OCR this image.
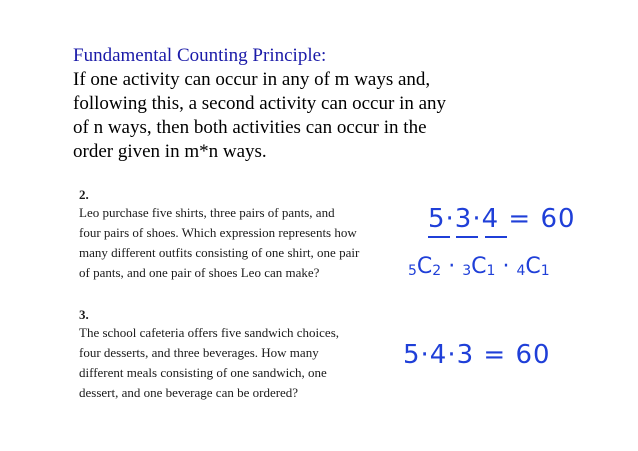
Fundamental Counting Principle:
If one activity can occur in any of m ways and,
following this, a second activity can occur in any
of n ways, then both activities can occur in the
order given in m*n ways.
2.
Leo purchase five shirts, three pairs of pants, and
four pairs of shoes. Which expression represents how
many different outfits consisting of one shirt, one pair
of pants, and one pair of shoes Leo can make?
3.
The school cafeteria offers five sandwich choices,
four desserts, and three beverages. How many
different meals consisting of one sandwich, one
dessert, and one beverage can be ordered?
5·3·4 = 60
$_5C_2 \cdot _3C_1 \cdot _4C_1$
5·4·3 = 60
